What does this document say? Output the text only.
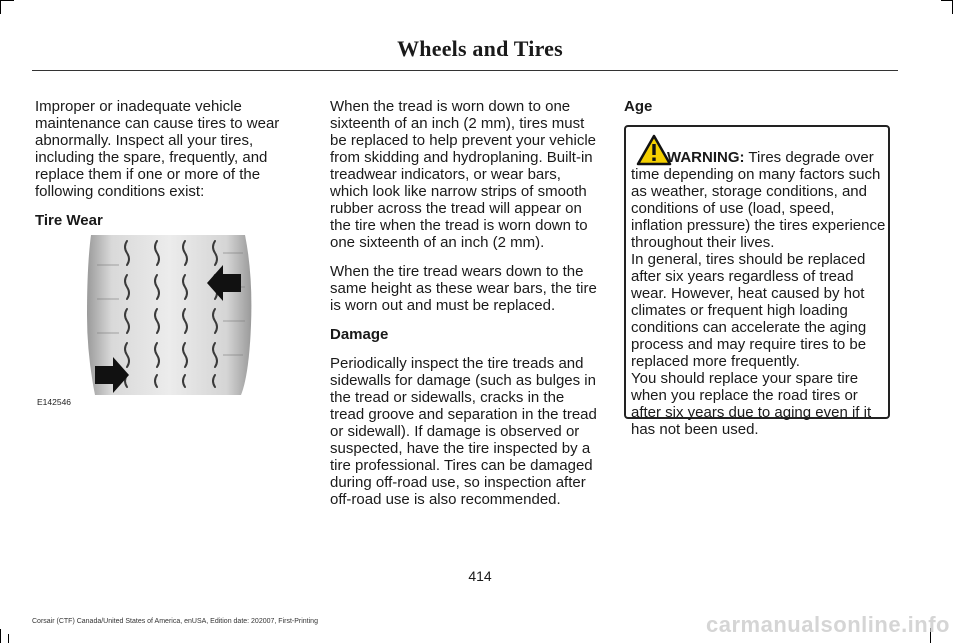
Wheels and Tires

Improper or inadequate vehicle maintenance can cause tires to wear abnormally. Inspect all your tires, including the spare, frequently, and replace them if one or more of the following conditions exist:

Tire Wear

E142546

When the tread is worn down to one sixteenth of an inch (2 mm), tires must be replaced to help prevent your vehicle from skidding and hydroplaning. Built-in treadwear indicators, or wear bars, which look like narrow strips of smooth rubber across the tread will appear on the tire when the tread is worn down to one sixteenth of an inch (2 mm).

When the tire tread wears down to the same height as these wear bars, the tire is worn out and must be replaced.

Damage

Periodically inspect the tire treads and sidewalls for damage (such as bulges in the tread or sidewalls, cracks in the tread groove and separation in the tread or sidewall). If damage is observed or suspected, have the tire inspected by a tire professional. Tires can be damaged during off-road use, so inspection after off-road use is also recommended.

Age

WARNING: Tires degrade over time depending on many factors such as weather, storage conditions, and conditions of use (load, speed, inflation pressure) the tires experience throughout their lives.

In general, tires should be replaced after six years regardless of tread wear. However, heat caused by hot climates or frequent high loading conditions can accelerate the aging process and may require tires to be replaced more frequently.

You should replace your spare tire when you replace the road tires or after six years due to aging even if it has not been used.

414
Corsair (CTF) Canada/United States of America, enUSA, Edition date: 202007, First-Printing	carmanualsonline.info
